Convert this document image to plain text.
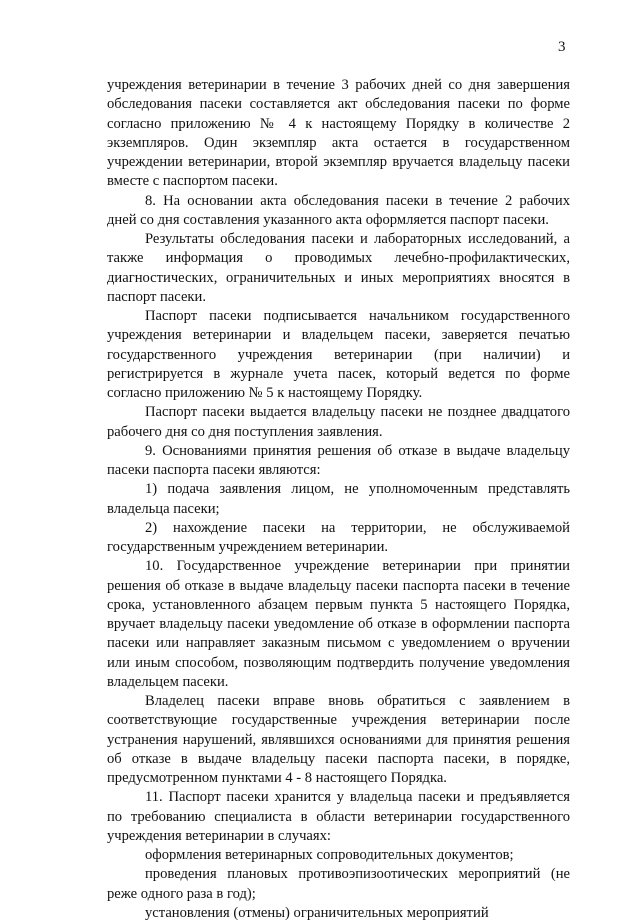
3

учреждения ветеринарии в течение 3 рабочих дней со дня завершения обследования пасеки составляется акт обследования пасеки по форме согласно приложению № 4 к настоящему Порядку в количестве 2 экземпляров. Один экземпляр акта остается в государственном учреждении ветеринарии, второй экземпляр вручается владельцу пасеки вместе с паспортом пасеки.

8. На основании акта обследования пасеки в течение 2 рабочих дней со дня составления указанного акта оформляется паспорт пасеки.

Результаты обследования пасеки и лабораторных исследований, а также информация о проводимых лечебно-профилактических, диагностических, ограничительных и иных мероприятиях вносятся в паспорт пасеки.

Паспорт пасеки подписывается начальником государственного учреждения ветеринарии и владельцем пасеки, заверяется печатью государственного учреждения ветеринарии (при наличии) и регистрируется в журнале учета пасек, который ведется по форме согласно приложению № 5 к настоящему Порядку.

Паспорт пасеки выдается владельцу пасеки не позднее двадцатого рабочего дня со дня поступления заявления.

9. Основаниями принятия решения об отказе в выдаче владельцу пасеки паспорта пасеки являются:

1) подача заявления лицом, не уполномоченным представлять владельца пасеки;

2) нахождение пасеки на территории, не обслуживаемой государственным учреждением ветеринарии.

10. Государственное учреждение ветеринарии при принятии решения об отказе в выдаче владельцу пасеки паспорта пасеки в течение срока, установленного абзацем первым пункта 5 настоящего Порядка, вручает владельцу пасеки уведомление об отказе в оформлении паспорта пасеки или направляет заказным письмом с уведомлением о вручении или иным способом, позволяющим подтвердить получение уведомления владельцем пасеки.

Владелец пасеки вправе вновь обратиться с заявлением в соответствующие государственные учреждения ветеринарии после устранения нарушений, являвшихся основаниями для принятия решения об отказе в выдаче владельцу пасеки паспорта пасеки, в порядке, предусмотренном пунктами 4 - 8 настоящего Порядка.

11. Паспорт пасеки хранится у владельца пасеки и предъявляется по требованию специалиста в области ветеринарии государственного учреждения ветеринарии в случаях:

оформления ветеринарных сопроводительных документов;

проведения плановых противоэпизоотических мероприятий (не реже одного раза в год);

установления (отмены) ограничительных мероприятий
